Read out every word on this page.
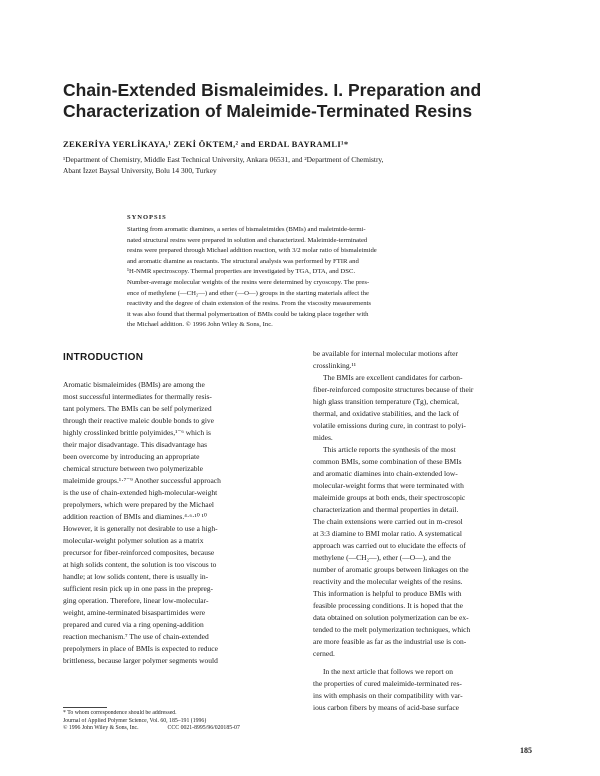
Chain-Extended Bismaleimides. I. Preparation and
Characterization of Maleimide-Terminated Resins
ZEKERİYA YERLİKAYA,¹ ZEKİ ÖKTEM,² and ERDAL BAYRAMLI¹*
¹Department of Chemistry, Middle East Technical University, Ankara 06531, and ²Department of Chemistry,
Abant İzzet Baysal University, Bolu 14 300, Turkey
SYNOPSIS
Starting from aromatic diamines, a series of bismaleimides (BMIs) and maleimide-termi-
nated structural resins were prepared in solution and characterized. Maleimide-terminated
resins were prepared through Michael addition reaction, with 3/2 molar ratio of bismaleimide
and aromatic diamine as reactants. The structural analysis was performed by FTIR and
¹H-NMR spectroscopy. Thermal properties are investigated by TGA, DTA, and DSC.
Number-average molecular weights of the resins were determined by cryoscopy. The pres-
ence of methylene (—CH₂—) and ether (—O—) groups in the starting materials affect the
reactivity and the degree of chain extension of the resins. From the viscosity measurements
it was also found that thermal polymerization of BMIs could be taking place together with
the Michael addition. © 1996 John Wiley & Sons, Inc.
INTRODUCTION
Aromatic bismaleimides (BMIs) are among the
most successful intermediates for thermally resis-
tant polymers. The BMIs can be self polymerized
through their reactive maleic double bonds to give
highly crosslinked brittle polyimides,¹⁻⁶ which is
their major disadvantage. This disadvantage has
been overcome by introducing an appropriate
chemical structure between two polymerizable
maleimide groups.¹·⁷⁻⁹ Another successful approach
is the use of chain-extended high-molecular-weight
prepolymers, which were prepared by the Michael
addition reaction of BMIs and diamines.⁴·⁶·¹⁰ ¹⁰
However, it is generally not desirable to use a high-
molecular-weight polymer solution as a matrix
precursor for fiber-reinforced composites, because
at high solids content, the solution is too viscous to
handle; at low solids content, there is usually in-
sufficient resin pick up in one pass in the prepreg-
ging operation. Therefore, linear low-molecular-
weight, amine-terminated bisaspartimides were
prepared and cured via a ring opening-addition
reaction mechanism.⁷ The use of chain-extended
prepolymers in place of BMIs is expected to reduce
brittleness, because larger polymer segments would
be available for internal molecular motions after
crosslinking.¹¹
The BMIs are excellent candidates for carbon-
fiber-reinforced composite structures because of their
high glass transition temperature (Tg), chemical,
thermal, and oxidative stabilities, and the lack of
volatile emissions during cure, in contrast to polyi-
mides.
This article reports the synthesis of the most
common BMIs, some combination of these BMIs
and aromatic diamines into chain-extended low-
molecular-weight forms that were terminated with
maleimide groups at both ends, their spectroscopic
characterization and thermal properties in detail.
The chain extensions were carried out in m-cresol
at 3:3 diamine to BMI molar ratio. A systematical
approach was carried out to elucidate the effects of
methylene (—CH₂—), ether (—O—), and the
number of aromatic groups between linkages on the
reactivity and the molecular weights of the resins.
This information is helpful to produce BMIs with
feasible processing conditions. It is hoped that the
data obtained on solution polymerization can be ex-
tended to the melt polymerization techniques, which
are more feasible as far as the industrial use is con-
cerned.
In the next article that follows we report on
the properties of cured maleimide-terminated res-
ins with emphasis on their compatibility with var-
ious carbon fibers by means of acid-base surface
* To whom correspondence should be addressed.
Journal of Applied Polymer Science, Vol. 60, 185–191 (1996)
© 1996 John Wiley & Sons, Inc.                    CCC 0021-8995/96/020185-07
185
